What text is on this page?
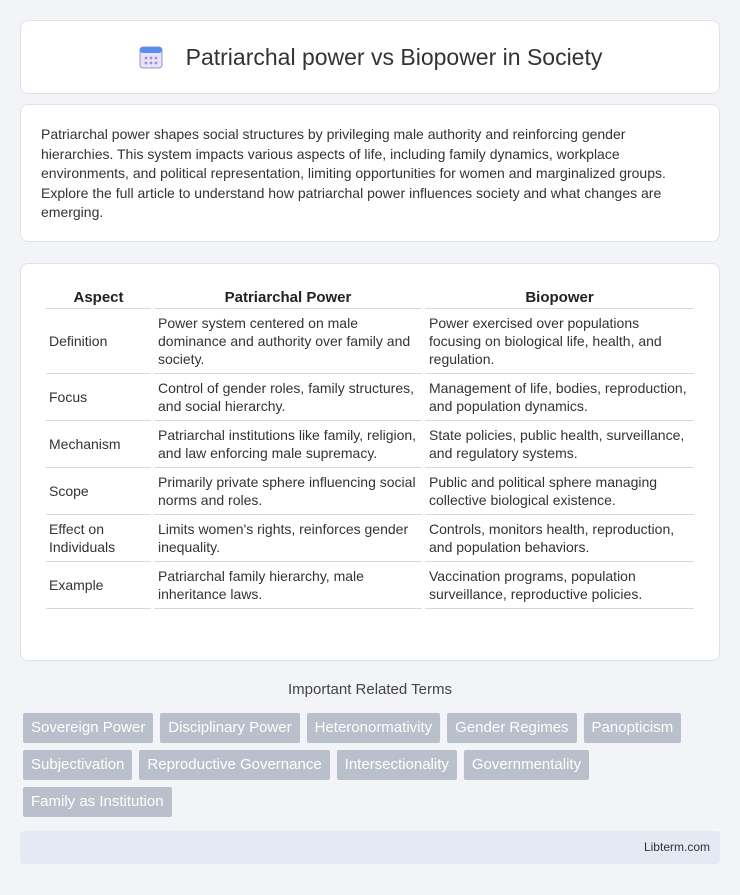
Patriarchal power vs Biopower in Society

Patriarchal power shapes social structures by privileging male authority and reinforcing gender hierarchies. This system impacts various aspects of life, including family dynamics, workplace environments, and political representation, limiting opportunities for women and marginalized groups. Explore the full article to understand how patriarchal power influences society and what changes are emerging.

Aspect	Patriarchal Power	Biopower
Definition	Power system centered on male dominance and authority over family and society.	Power exercised over populations focusing on biological life, health, and regulation.
Focus	Control of gender roles, family structures, and social hierarchy.	Management of life, bodies, reproduction, and population dynamics.
Mechanism	Patriarchal institutions like family, religion, and law enforcing male supremacy.	State policies, public health, surveillance, and regulatory systems.
Scope	Primarily private sphere influencing social norms and roles.	Public and political sphere managing collective biological existence.
Effect on Individuals	Limits women's rights, reinforces gender inequality.	Controls, monitors health, reproduction, and population behaviors.
Example	Patriarchal family hierarchy, male inheritance laws.	Vaccination programs, population surveillance, reproductive policies.
Important Related Terms
Sovereign Power	Disciplinary Power	Heteronormativity	Gender Regimes	Panopticism
Subjectivation	Reproductive Governance	Intersectionality	Governmentality
Family as Institution
Libterm.com
